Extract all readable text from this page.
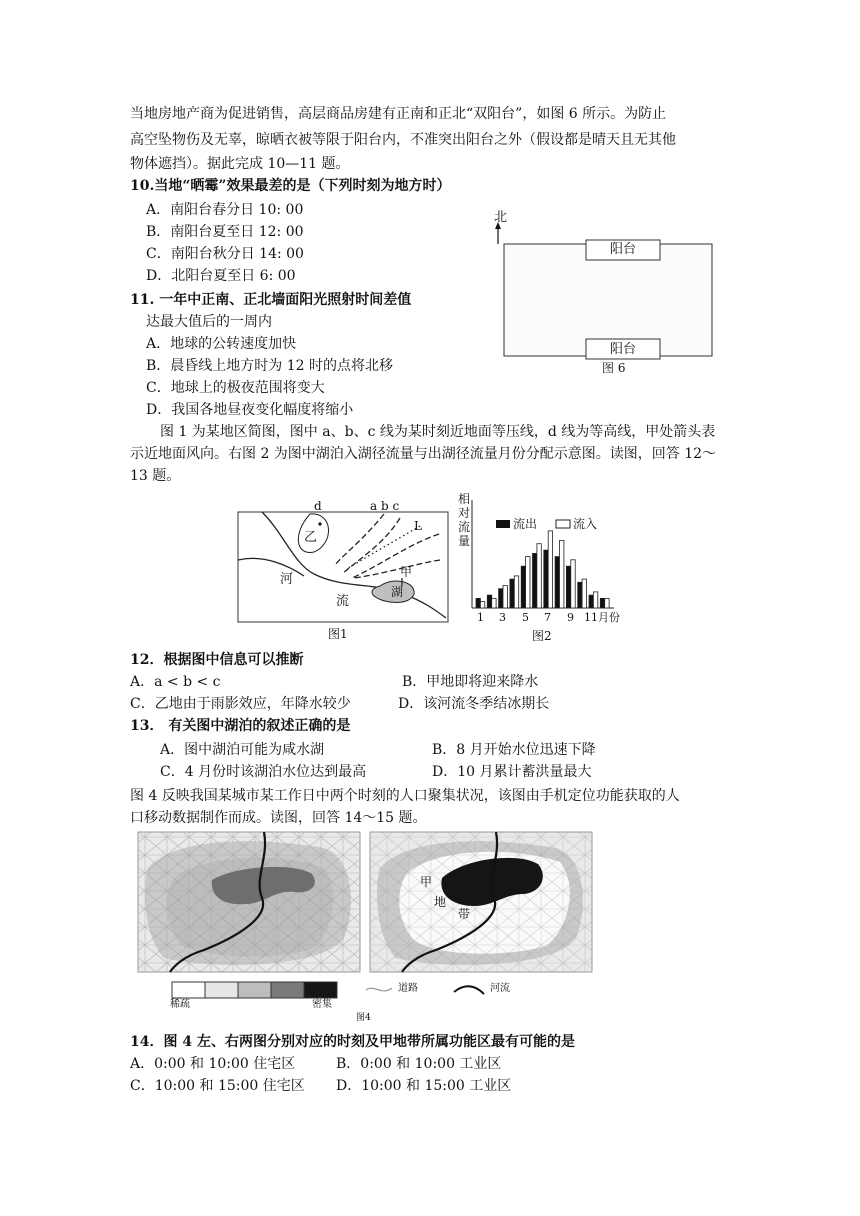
当地房地产商为促进销售，高层商品房建有正南和正北“双阳台”，如图 6 所示。为防止
高空坠物伤及无辜，晾晒衣被等限于阳台内，不准突出阳台之外（假设都是晴天且无其他
物体遮挡）。据此完成 10—11 题。
10.当地“晒霉”效果最差的是（下列时刻为地方时）
A．南阳台春分日 10: 00
B．南阳台夏至日 12: 00
C．南阳台秋分日 14: 00
D．北阳台夏至日 6: 00
北
阳台
阳台
图 6
11. 一年中正南、正北墙面阳光照射时间差值
达最大值后的一周内
A．地球的公转速度加快
B．晨昏线上地方时为 12 时的点将北移
C．地球上的极夜范围将变大
D．我国各地昼夜变化幅度将缩小
图 1 为某地区简图，图中 a、b、c 线为某时刻近地面等压线，d 线为等高线，甲处箭头表
示近地面风向。右图 2 为图中湖泊入湖径流量与出湖径流量月份分配示意图。读图，回答 12～
13 题。
d	a b c
L
乙
河
流
甲
湖
图1
相
对
流
量
流出	流入
1 3 5 7 9 11月份
图2
12．根据图中信息可以推断
A．a < b < c	B．甲地即将迎来降水
C．乙地由于雨影效应，年降水较少	D．该河流冬季结冰期长
13． 有关图中湖泊的叙述正确的是
A．图中湖泊可能为咸水湖	B．8 月开始水位迅速下降
C．4 月份时该湖泊水位达到最高	D．10 月累计蓄洪量最大
图 4 反映我国某城市某工作日中两个时刻的人口聚集状况，该图由手机定位功能获取的人
口移动数据制作而成。读图，回答 14～15 题。
甲
地
带
稀疏	密集
道路	河流
图4
14．图 4 左、右两图分别对应的时刻及甲地带所属功能区最有可能的是
A．0:00 和 10:00 住宅区	B．0:00 和 10:00 工业区
C．10:00 和 15:00 住宅区 D．10:00 和 15:00 工业区
